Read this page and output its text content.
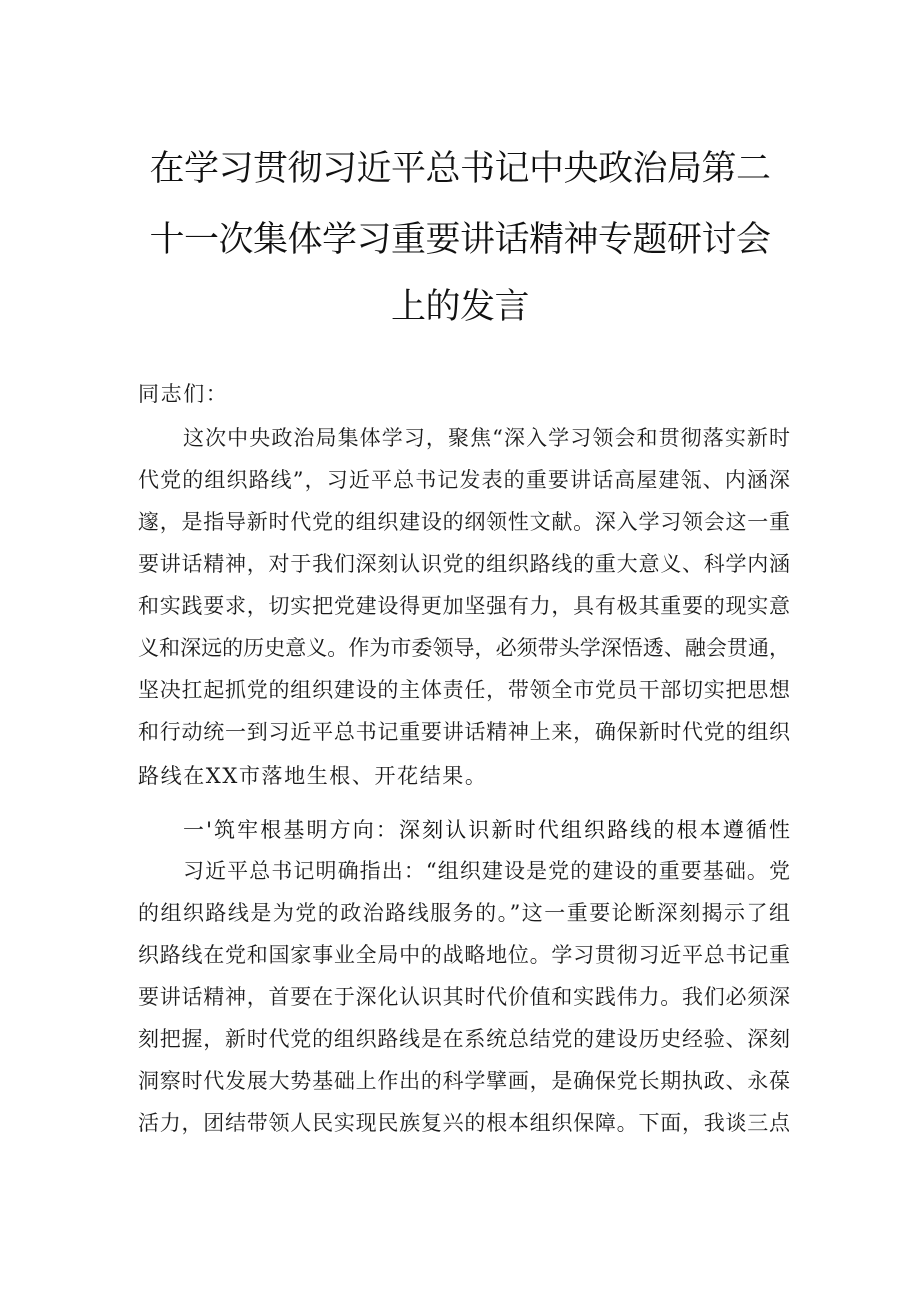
在学习贯彻习近平总书记中央政治局第二
十一次集体学习重要讲话精神专题研讨会
上的发言
同志们：
这次中央政治局集体学习，聚焦“深入学习领会和贯彻落实新时
代党的组织路线”，习近平总书记发表的重要讲话高屋建瓴、内涵深
邃，是指导新时代党的组织建设的纲领性文献。深入学习领会这一重
要讲话精神，对于我们深刻认识党的组织路线的重大意义、科学内涵
和实践要求，切实把党建设得更加坚强有力，具有极其重要的现实意
义和深远的历史意义。作为市委领导，必须带头学深悟透、融会贯通，
坚决扛起抓党的组织建设的主体责任，带领全市党员干部切实把思想
和行动统一到习近平总书记重要讲话精神上来，确保新时代党的组织
路线在XX市落地生根、开花结果。
一'筑牢根基明方向：深刻认识新时代组织路线的根本遵循性
习近平总书记明确指出：“组织建设是党的建设的重要基础。党
的组织路线是为党的政治路线服务的。”这一重要论断深刻揭示了组
织路线在党和国家事业全局中的战略地位。学习贯彻习近平总书记重
要讲话精神，首要在于深化认识其时代价值和实践伟力。我们必须深
刻把握，新时代党的组织路线是在系统总结党的建设历史经验、深刻
洞察时代发展大势基础上作出的科学擘画，是确保党长期执政、永葆
活力，团结带领人民实现民族复兴的根本组织保障。下面，我谈三点
